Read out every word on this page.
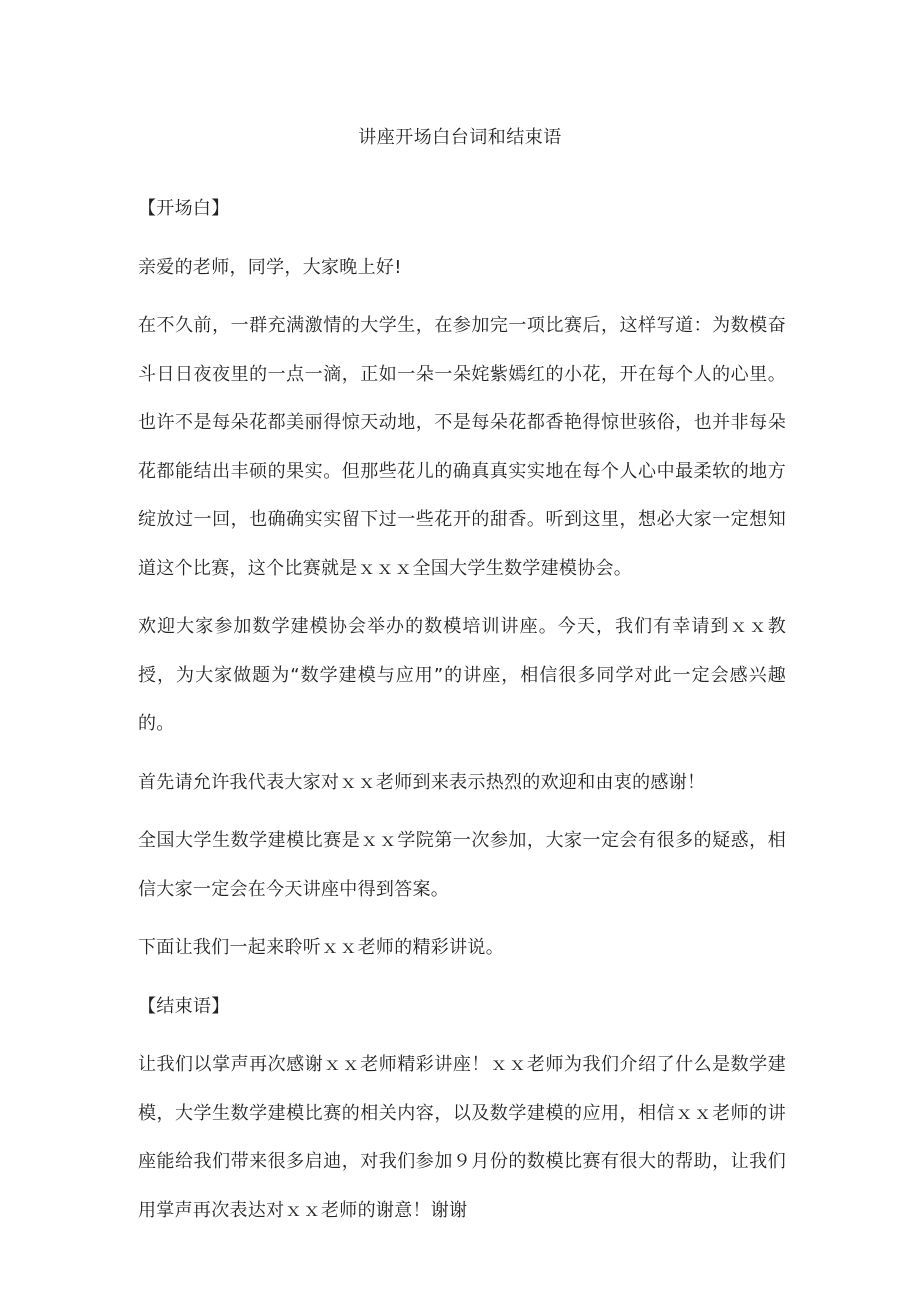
讲座开场白台词和结束语

【开场白】

亲爱的老师，同学，大家晚上好!

在不久前，一群充满激情的大学生，在参加完一项比赛后，这样写道：为数模奋斗日日夜夜里的一点一滴，正如一朵一朵姹紫嫣红的小花，开在每个人的心里。也许不是每朵花都美丽得惊天动地，不是每朵花都香艳得惊世骇俗，也并非每朵花都能结出丰硕的果实。但那些花儿的确真真实实地在每个人心中最柔软的地方绽放过一回，也确确实实留下过一些花开的甜香。听到这里，想必大家一定想知道这个比赛，这个比赛就是ｘｘｘ全国大学生数学建模协会。

欢迎大家参加数学建模协会举办的数模培训讲座。今天，我们有幸请到ｘｘ教授，为大家做题为“数学建模与应用”的讲座，相信很多同学对此一定会感兴趣的。

首先请允许我代表大家对ｘｘ老师到来表示热烈的欢迎和由衷的感谢！

全国大学生数学建模比赛是ｘｘ学院第一次参加，大家一定会有很多的疑惑，相信大家一定会在今天讲座中得到答案。

下面让我们一起来聆听ｘｘ老师的精彩讲说。

【结束语】

让我们以掌声再次感谢ｘｘ老师精彩讲座！ｘｘ老师为我们介绍了什么是数学建模，大学生数学建模比赛的相关内容，以及数学建模的应用，相信ｘｘ老师的讲座能给我们带来很多启迪，对我们参加９月份的数模比赛有很大的帮助，让我们用掌声再次表达对ｘｘ老师的谢意！谢谢
